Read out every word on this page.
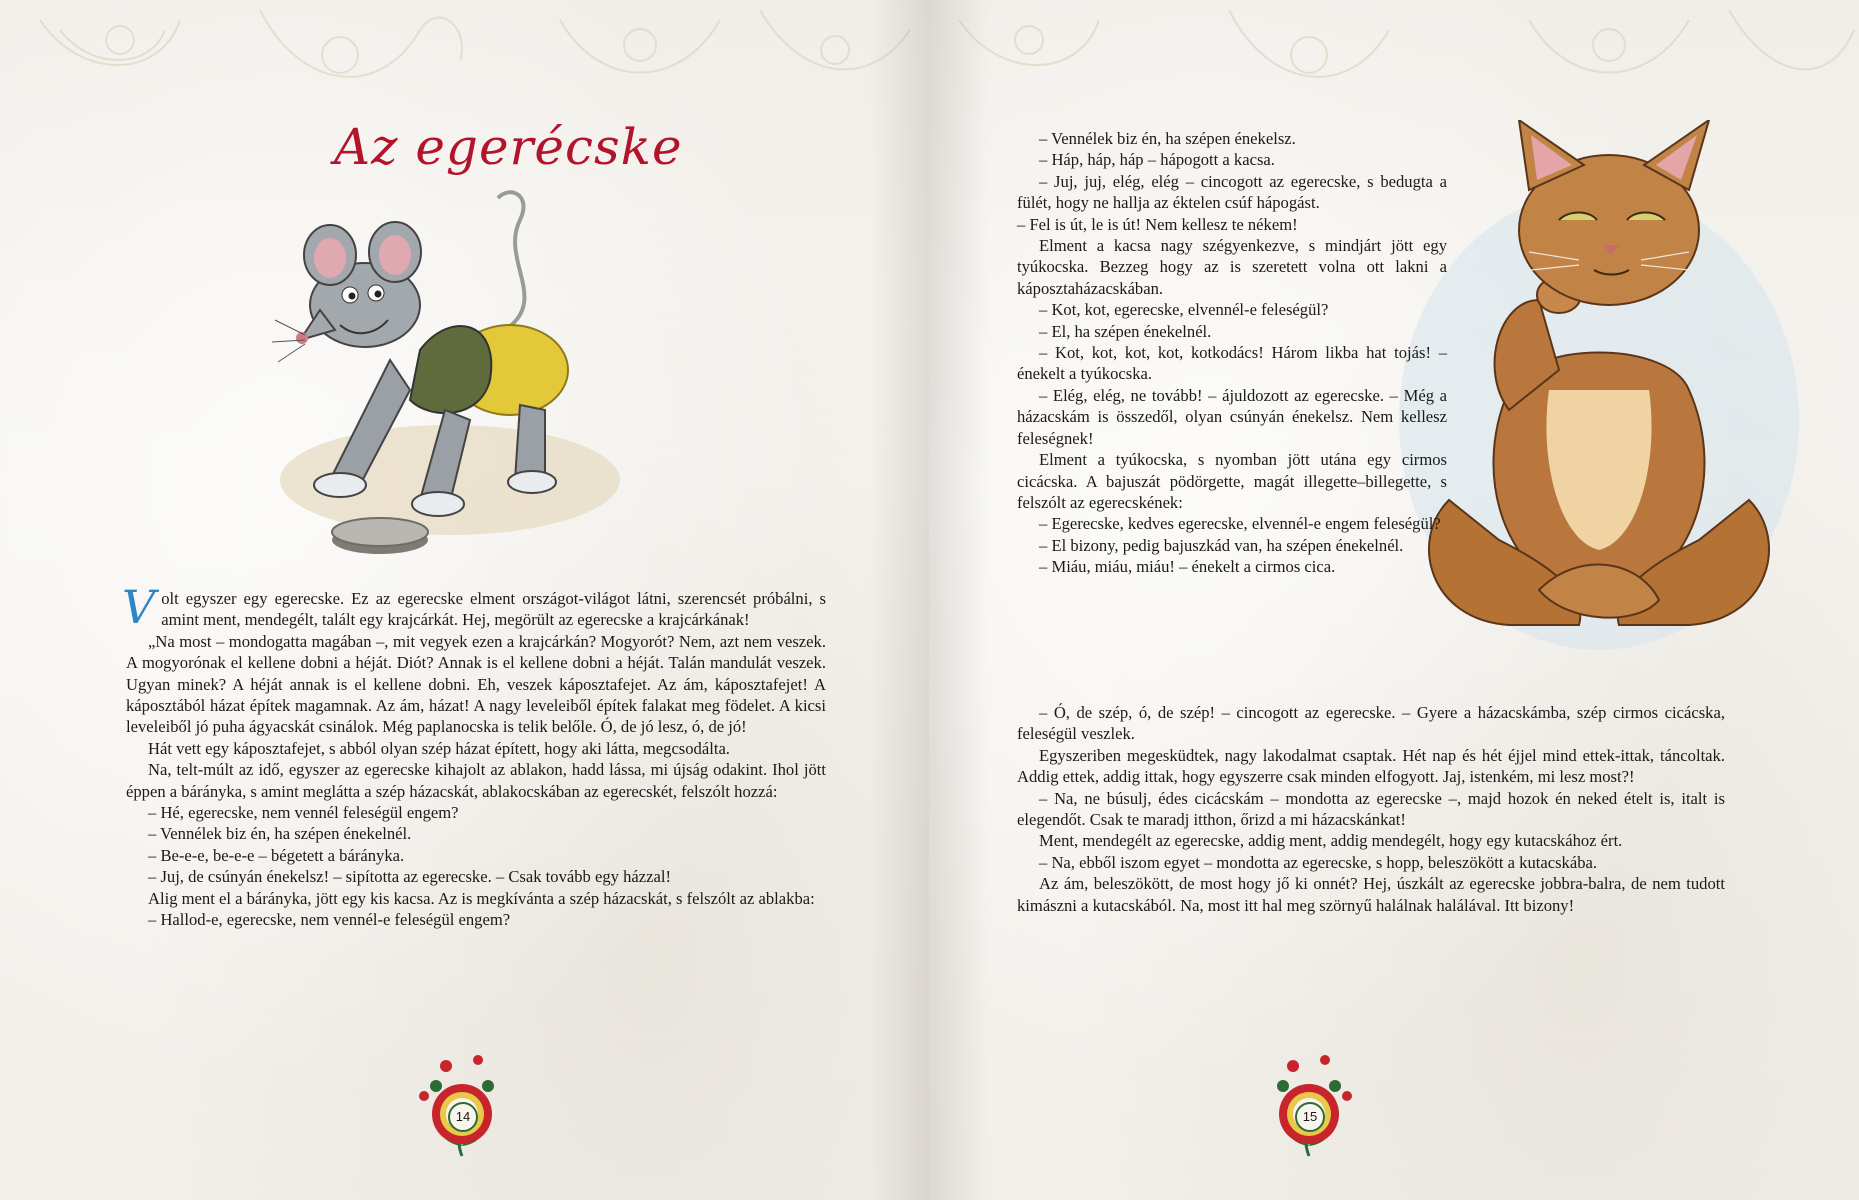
Az egerécske
V olt egyszer egy egerecske. Ez az egerecske elment országot-világot látni, szerencsét próbálni, s amint ment, mendegélt, talált egy krajcárkát. Hej, megörült az egerecske a krajcárkának!

„Na most – mondogatta magában –, mit vegyek ezen a krajcárkán? Mogyorót? Nem, azt nem veszek. A mogyorónak el kellene dobni a héját. Diót? Annak is el kellene dobni a héját. Talán mandulát veszek. Ugyan minek? A héját annak is el kellene dobni. Eh, veszek káposztafejet. Az ám, káposztafejet! A káposztából házat építek magamnak. Az ám, házat! A nagy leveleiből építek falakat meg födelet. A kicsi leveleiből jó puha ágyacskát csinálok. Még paplanocska is telik belőle. Ó, de jó lesz, ó, de jó!

Hát vett egy káposztafejet, s abból olyan szép házat épített, hogy aki látta, megcsodálta.

Na, telt-múlt az idő, egyszer az egerecske kihajolt az ablakon, hadd lássa, mi újság odakint. Ihol jött éppen a báránykа, s amint meglátta a szép házacskát, ablakocskában az egerecskét, felszólt hozzá:

– Hé, egerecske, nem vennél feleségül engem?

– Vennélek biz én, ha szépen énekelnél.

– Be-e-e, be-e-e – bégetett a bárányka.

– Juj, de csúnyán énekelsz! – sipította az egerecske. – Csak tovább egy házzal!

Alig ment el a bárányka, jött egy kis kacsa. Az is megkívánta a szép házacskát, s felszólt az ablakba:

– Hallod-e, egerecske, nem vennél-e feleségül engem?

14

– Vennélek biz én, ha szépen énekelsz.

– Háp, háp, háp – hápogott a kacsa.

– Juj, juj, elég, elég – cincogott az egerecske, s bedugta a fülét, hogy ne hallja az éktelen csúf hápogást.

– Fel is út, le is út! Nem kellesz te nékem!

Elment a kacsa nagy szégyenkezve, s mindjárt jött egy tyúkocska. Bezzeg hogy az is szeretett volna ott lakni a káposztaházacskában.

– Kot, kot, egerecske, elvennél-e feleségül?

– El, ha szépen énekelnél.

– Kot, kot, kot, kot, kotkodács! Három likba hat tojás! – énekelt a tyúkocska.

– Elég, elég, ne tovább! – ájuldozott az egerecske. – Még a házacskám is összedől, olyan csúnyán énekelsz. Nem kellesz feleségnek!

Elment a tyúkocska, s nyomban jött utána egy cirmos cicácska. A bajuszát pödörgette, magát illegette–billegette, s felszólt az egerecskének:

– Egerecske, kedves egerecske, elvennél-e engem feleségül?

– El bizony, pedig bajuszkád van, ha szépen énekelnél.

– Miáu, miáu, miáu! – énekelt a cirmos cica.

– Ó, de szép, ó, de szép! – cincogott az egerecske. – Gyere a házacskámba, szép cirmos cicácska, feleségül veszlek.

Egyszeriben megesküdtek, nagy lakodalmat csaptak. Hét nap és hét éjjel mind ettek-ittak, táncoltak. Addig ettek, addig ittak, hogy egyszerre csak minden elfogyott. Jaj, istenkém, mi lesz most?!

– Na, ne búsulj, édes cicácskám – mondotta az egerecske –, majd hozok én neked ételt is, italt is elegendőt. Csak te maradj itthon, őrizd a mi házacskánkat!

Ment, mendegélt az egerecske, addig ment, addig mendegélt, hogy egy kutacskához ért.

– Na, ebből iszom egyet – mondotta az egerecske, s hopp, beleszökött a kutacskába.

Az ám, beleszökött, de most hogy jő ki onnét? Hej, úszkált az egerecske jobbra-balra, de nem tudott kimászni a kutacskából. Na, most itt hal meg szörnyű halálnak halálával. Itt bizony!

15
